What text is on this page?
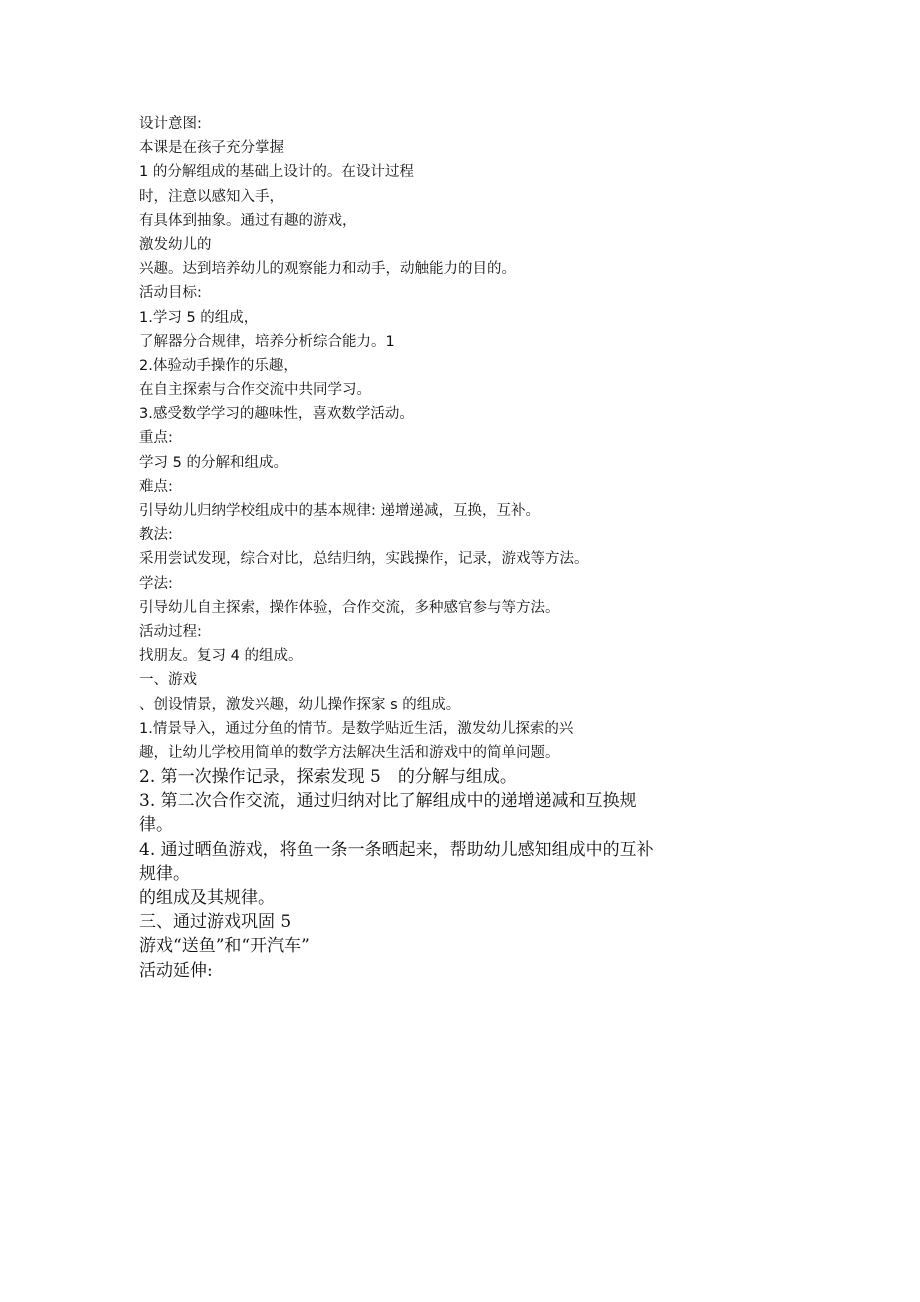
设计意图:
本课是在孩子充分掌握
1 的分解组成的基础上设计的。在设计过程
时，注意以感知入手，
有具体到抽象。通过有趣的游戏，
激发幼儿的
兴趣。达到培养幼儿的观察能力和动手，动触能力的目的。
活动目标:
1.学习 5 的组成，
了解器分合规律，培养分析综合能力。1
2.体验动手操作的乐趣，
在自主探索与合作交流中共同学习。
3.感受数学学习的趣味性，喜欢数学活动。
重点:
学习 5 的分解和组成。
难点:
引导幼儿归纳学校组成中的基本规律: 递增递减，互换，互补。
教法:
采用尝试发现，综合对比，总结归纳，实践操作，记录，游戏等方法。
学法:
引导幼儿自主探索，操作体验，合作交流，多种感官参与等方法。
活动过程:
找朋友。复习 4 的组成。
一、游戏
、创设情景，激发兴趣，幼儿操作探家 s 的组成。
1.情景导入，通过分鱼的情节。是数学贴近生活，激发幼儿探索的兴
趣，让幼儿学校用简单的数学方法解决生活和游戏中的简单问题。
2. 第一次操作记录，探索发现 5　的分解与组成。
3. 第二次合作交流，通过归纳对比了解组成中的递增递减和互换规
律。
4. 通过晒鱼游戏，将鱼一条一条晒起来，帮助幼儿感知组成中的互补
规律。
的组成及其规律。
三、通过游戏巩固 5
游戏“送鱼”和“开汽车”
活动延伸:
